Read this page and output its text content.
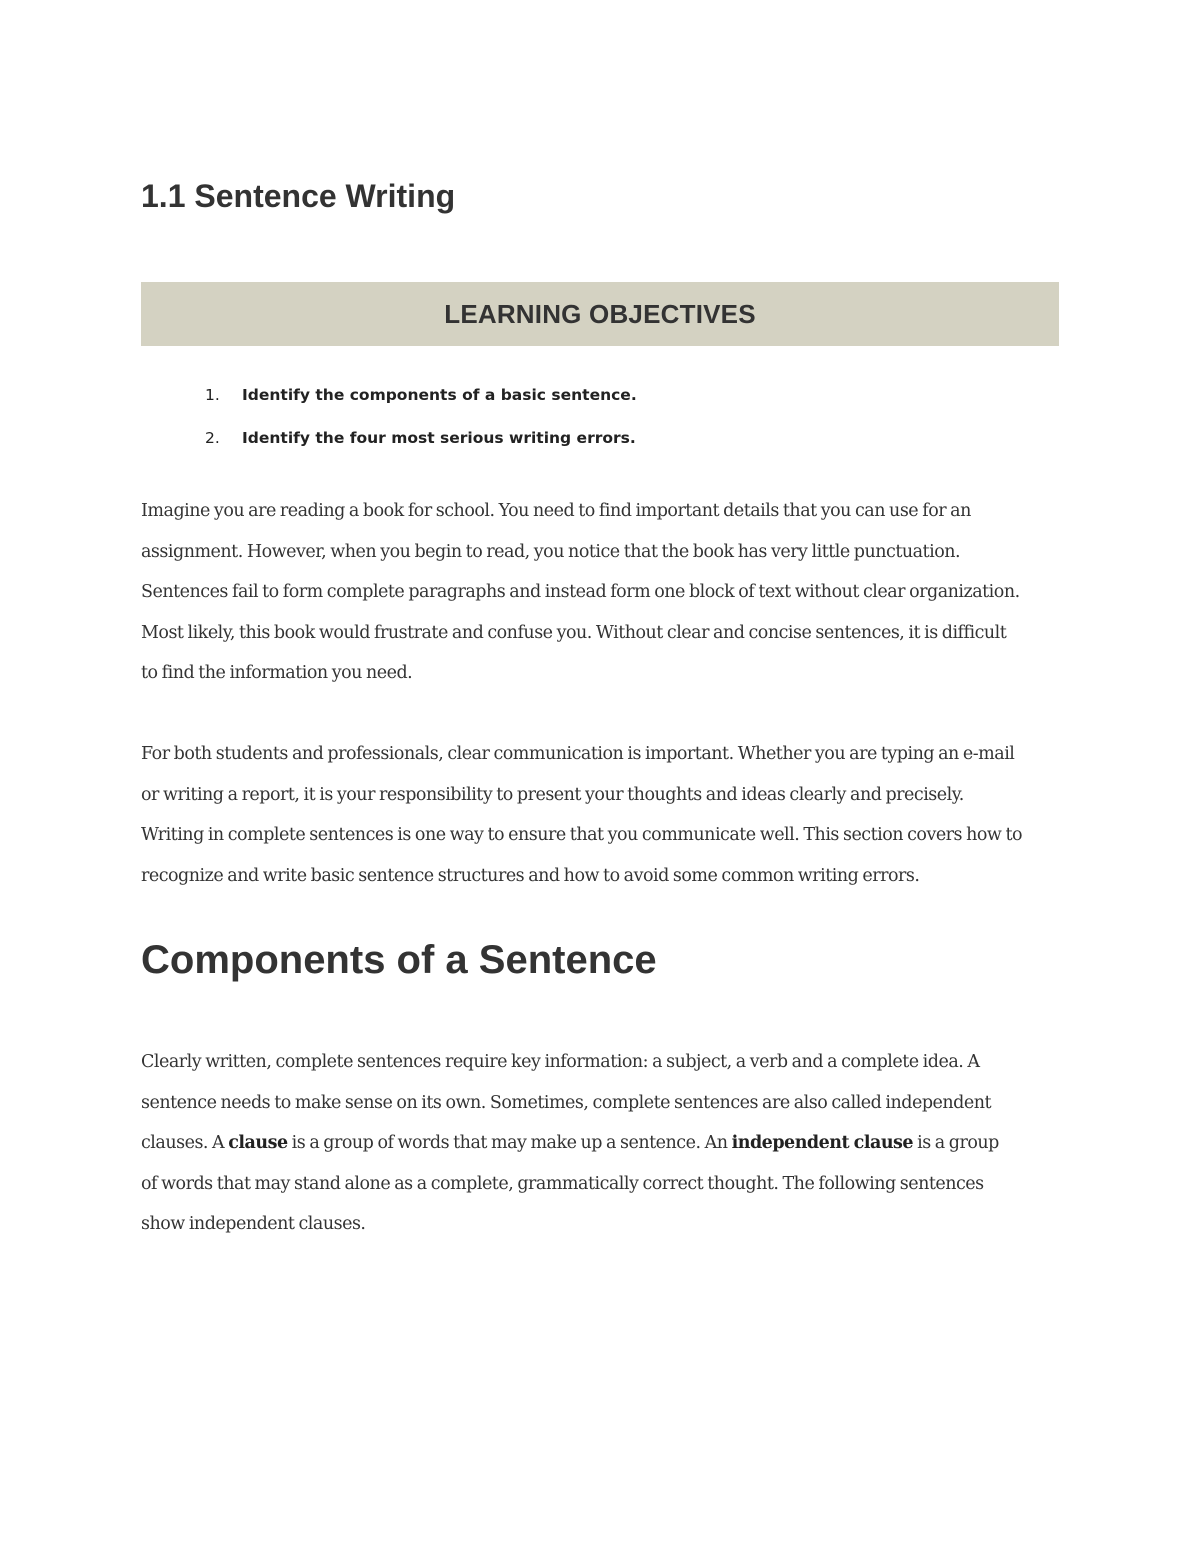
1.1 Sentence Writing
LEARNING OBJECTIVES
1.	Identify the components of a basic sentence.
2.	Identify the four most serious writing errors.

Imagine you are reading a book for school. You need to find important details that you can use for an
assignment. However, when you begin to read, you notice that the book has very little punctuation.
Sentences fail to form complete paragraphs and instead form one block of text without clear organization.
Most likely, this book would frustrate and confuse you. Without clear and concise sentences, it is difficult
to find the information you need.

For both students and professionals, clear communication is important. Whether you are typing an e-mail
or writing a report, it is your responsibility to present your thoughts and ideas clearly and precisely.
Writing in complete sentences is one way to ensure that you communicate well. This section covers how to
recognize and write basic sentence structures and how to avoid some common writing errors.

Components of a Sentence

Clearly written, complete sentences require key information: a subject, a verb and a complete idea. A
sentence needs to make sense on its own. Sometimes, complete sentences are also called independent
clauses. A clause is a group of words that may make up a sentence. An independent clause is a group
of words that may stand alone as a complete, grammatically correct thought. The following sentences
show independent clauses.
